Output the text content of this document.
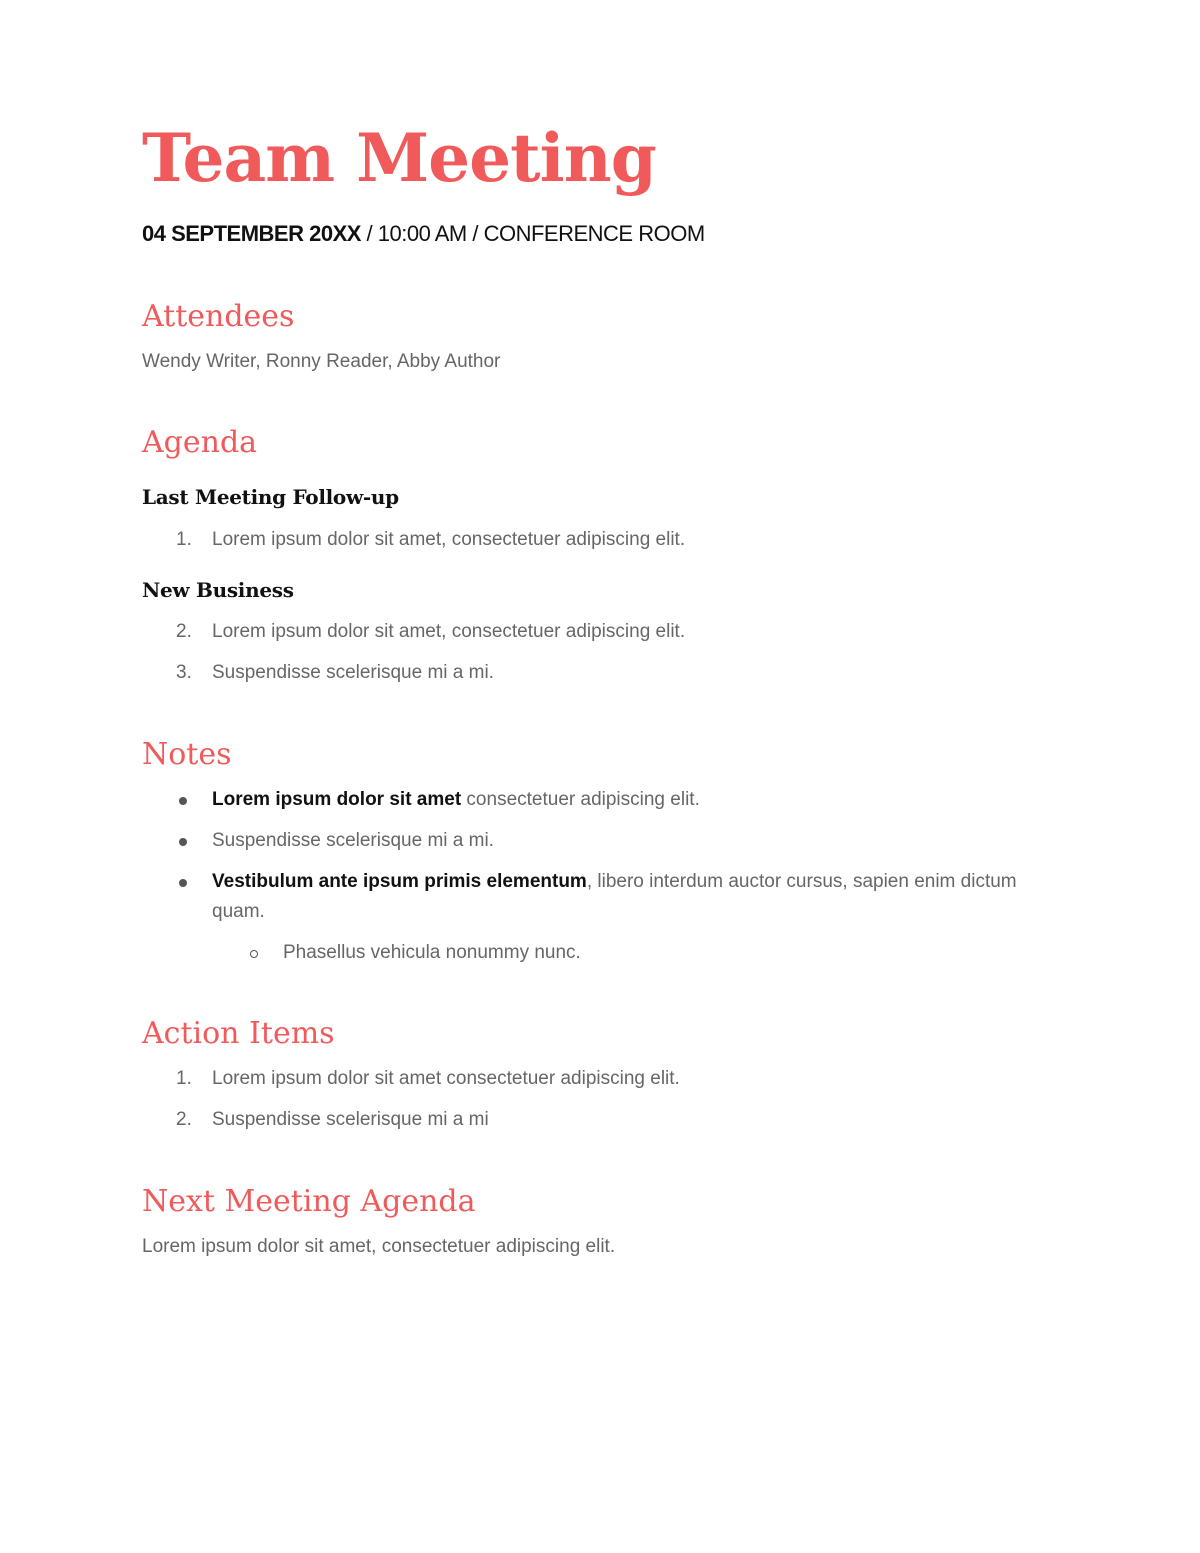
Team Meeting
04 SEPTEMBER 20XX / 10:00 AM / CONFERENCE ROOM
Attendees
Wendy Writer, Ronny Reader, Abby Author
Agenda
Last Meeting Follow-up
1.	Lorem ipsum dolor sit amet, consectetuer adipiscing elit.
New Business
2.	Lorem ipsum dolor sit amet, consectetuer adipiscing elit.
3.	Suspendisse scelerisque mi a mi.
Notes
Lorem ipsum dolor sit amet consectetuer adipiscing elit.
Suspendisse scelerisque mi a mi.
Vestibulum ante ipsum primis elementum, libero interdum auctor cursus, sapien enim dictum quam.
Phasellus vehicula nonummy nunc.
Action Items
1.	Lorem ipsum dolor sit amet consectetuer adipiscing elit.
2.	Suspendisse scelerisque mi a mi
Next Meeting Agenda
Lorem ipsum dolor sit amet, consectetuer adipiscing elit.
